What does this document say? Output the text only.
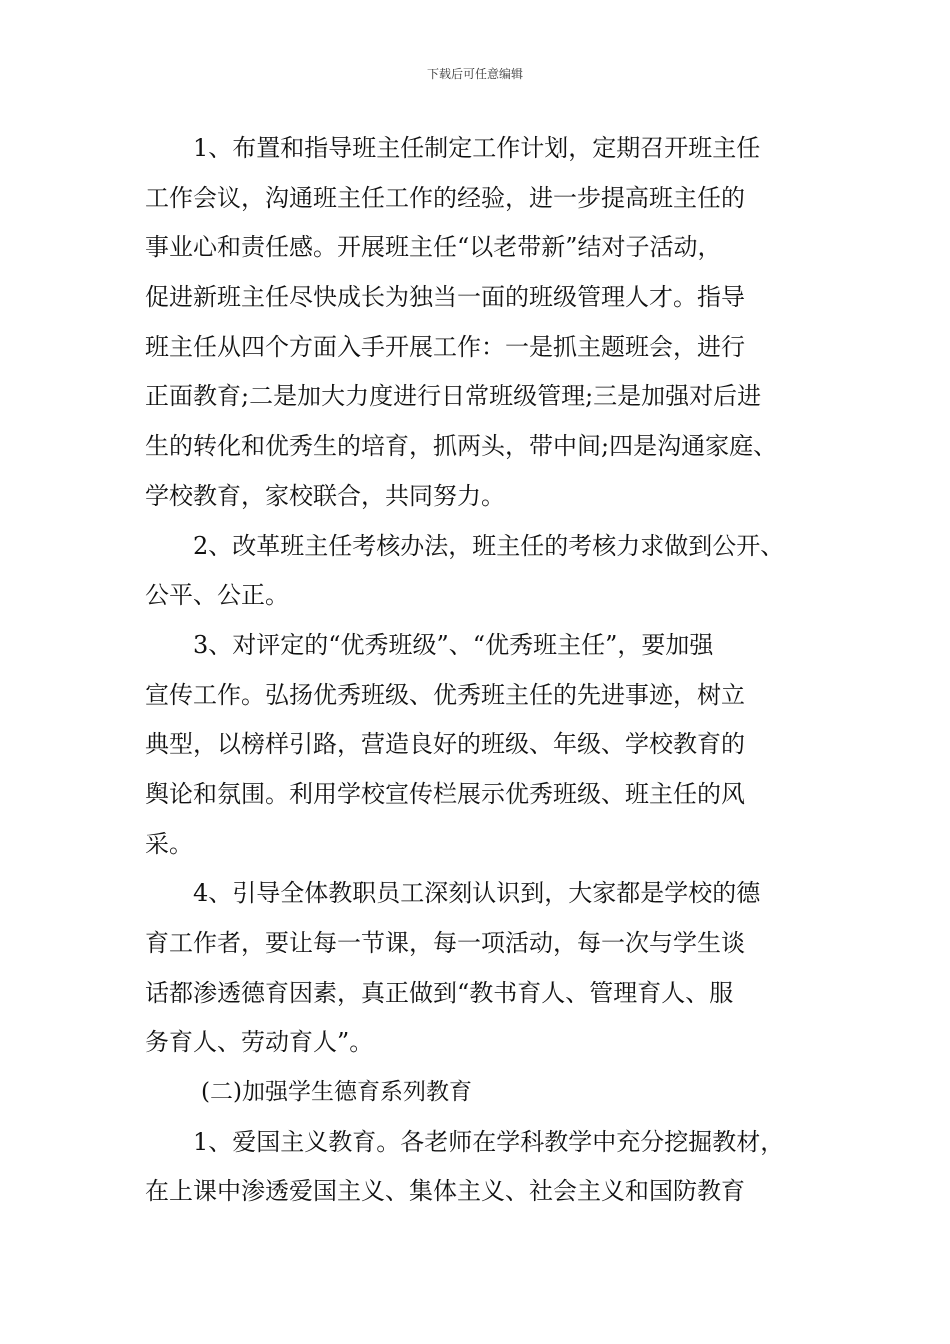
下载后可任意编辑
1、布置和指导班主任制定工作计划，定期召开班主任
工作会议，沟通班主任工作的经验，进一步提高班主任的
事业心和责任感。开展班主任“以老带新”结对子活动，
促进新班主任尽快成长为独当一面的班级管理人才。指导
班主任从四个方面入手开展工作：一是抓主题班会，进行
正面教育;二是加大力度进行日常班级管理;三是加强对后进
生的转化和优秀生的培育，抓两头，带中间;四是沟通家庭、
学校教育，家校联合，共同努力。
2、改革班主任考核办法，班主任的考核力求做到公开、
公平、公正。
3、对评定的“优秀班级”、“优秀班主任”，要加强
宣传工作。弘扬优秀班级、优秀班主任的先进事迹，树立
典型，以榜样引路，营造良好的班级、年级、学校教育的
舆论和氛围。利用学校宣传栏展示优秀班级、班主任的风
采。
4、引导全体教职员工深刻认识到，大家都是学校的德
育工作者，要让每一节课，每一项活动，每一次与学生谈
话都渗透德育因素，真正做到“教书育人、管理育人、服
务育人、劳动育人”。
(二)加强学生德育系列教育
1、爱国主义教育。各老师在学科教学中充分挖掘教材，
在上课中渗透爱国主义、集体主义、社会主义和国防教育
